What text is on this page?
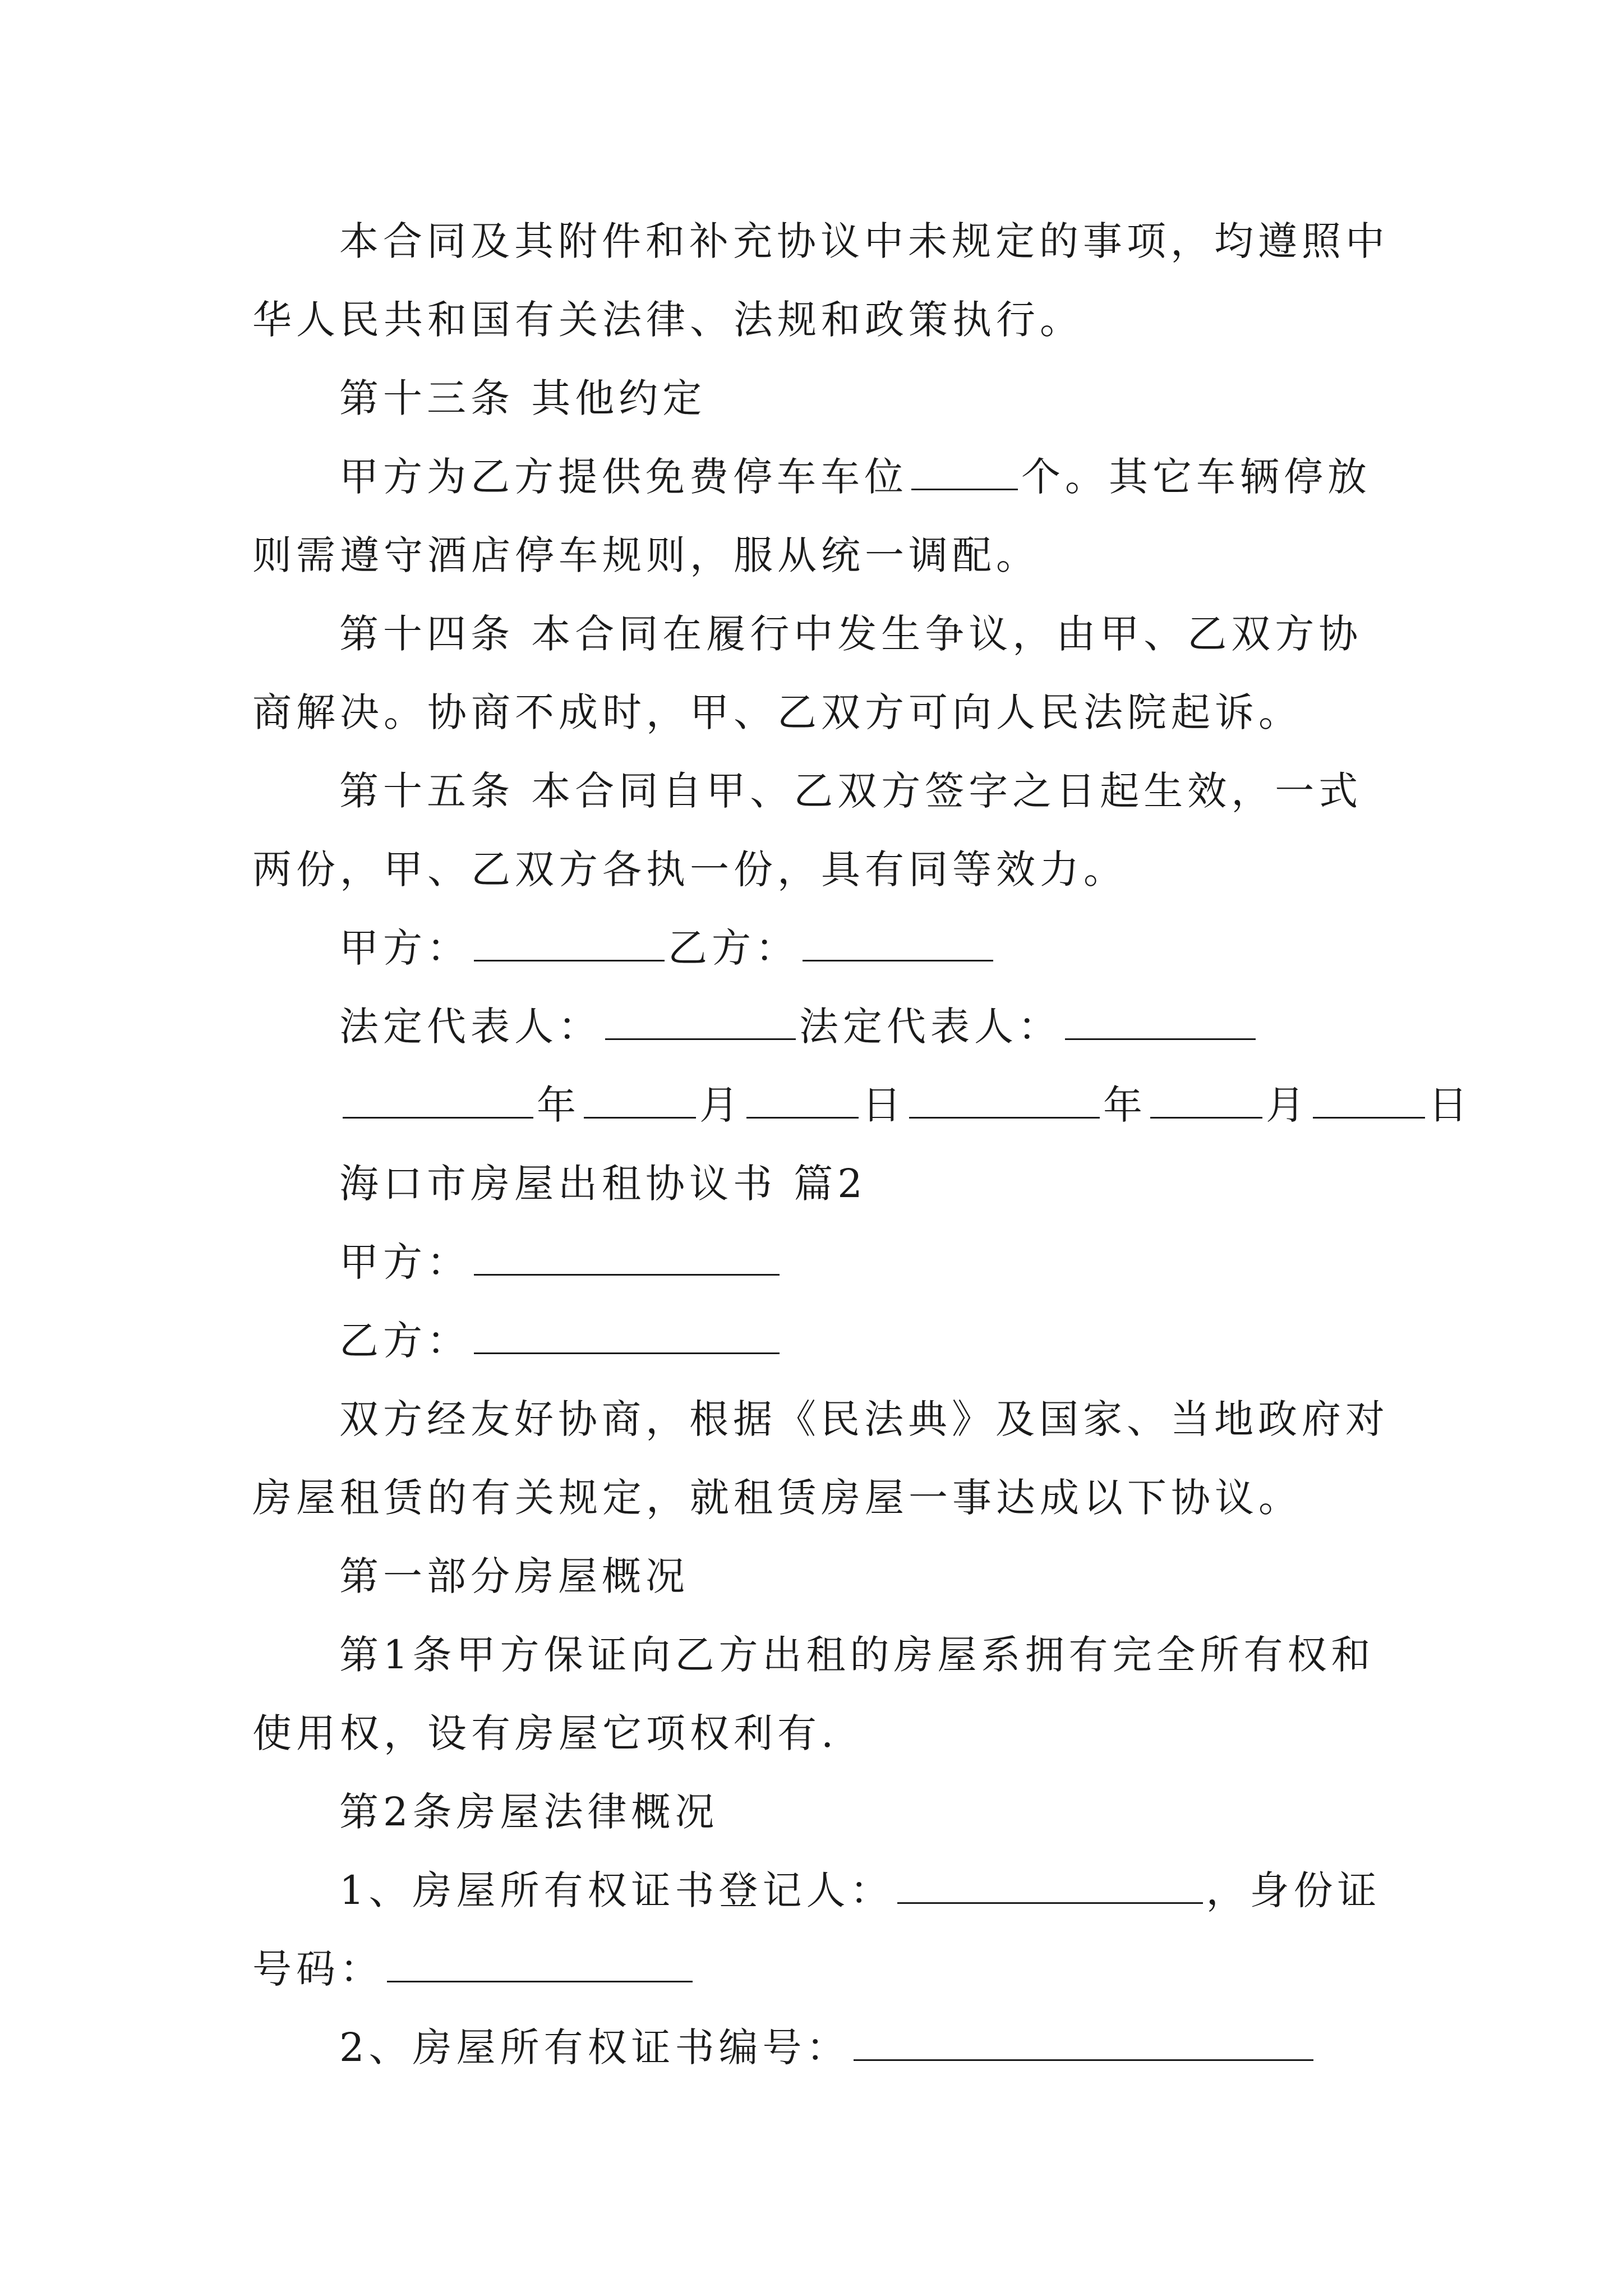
本合同及其附件和补充协议中未规定的事项，均遵照中
华人民共和国有关法律、法规和政策执行。
第十三条 其他约定
甲方为乙方提供免费停车车位	个。其它车辆停放
则需遵守酒店停车规则，服从统一调配。
第十四条 本合同在履行中发生争议，由甲、乙双方协
商解决。协商不成时，甲、乙双方可向人民法院起诉。
第十五条 本合同自甲、乙双方签字之日起生效，一式
两份，甲、乙双方各执一份，具有同等效力。
甲方：	乙方：
法定代表人：	法定代表人：
年	月	日	年	月	日
海口市房屋出租协议书 篇2
甲方：
乙方：
双方经友好协商，根据《民法典》及国家、当地政府对
房屋租赁的有关规定，就租赁房屋一事达成以下协议。
第一部分房屋概况
第1条甲方保证向乙方出租的房屋系拥有完全所有权和
使用权，设有房屋它项权利有.
第2条房屋法律概况
1、房屋所有权证书登记人：	，身份证
号码：
2、房屋所有权证书编号：
